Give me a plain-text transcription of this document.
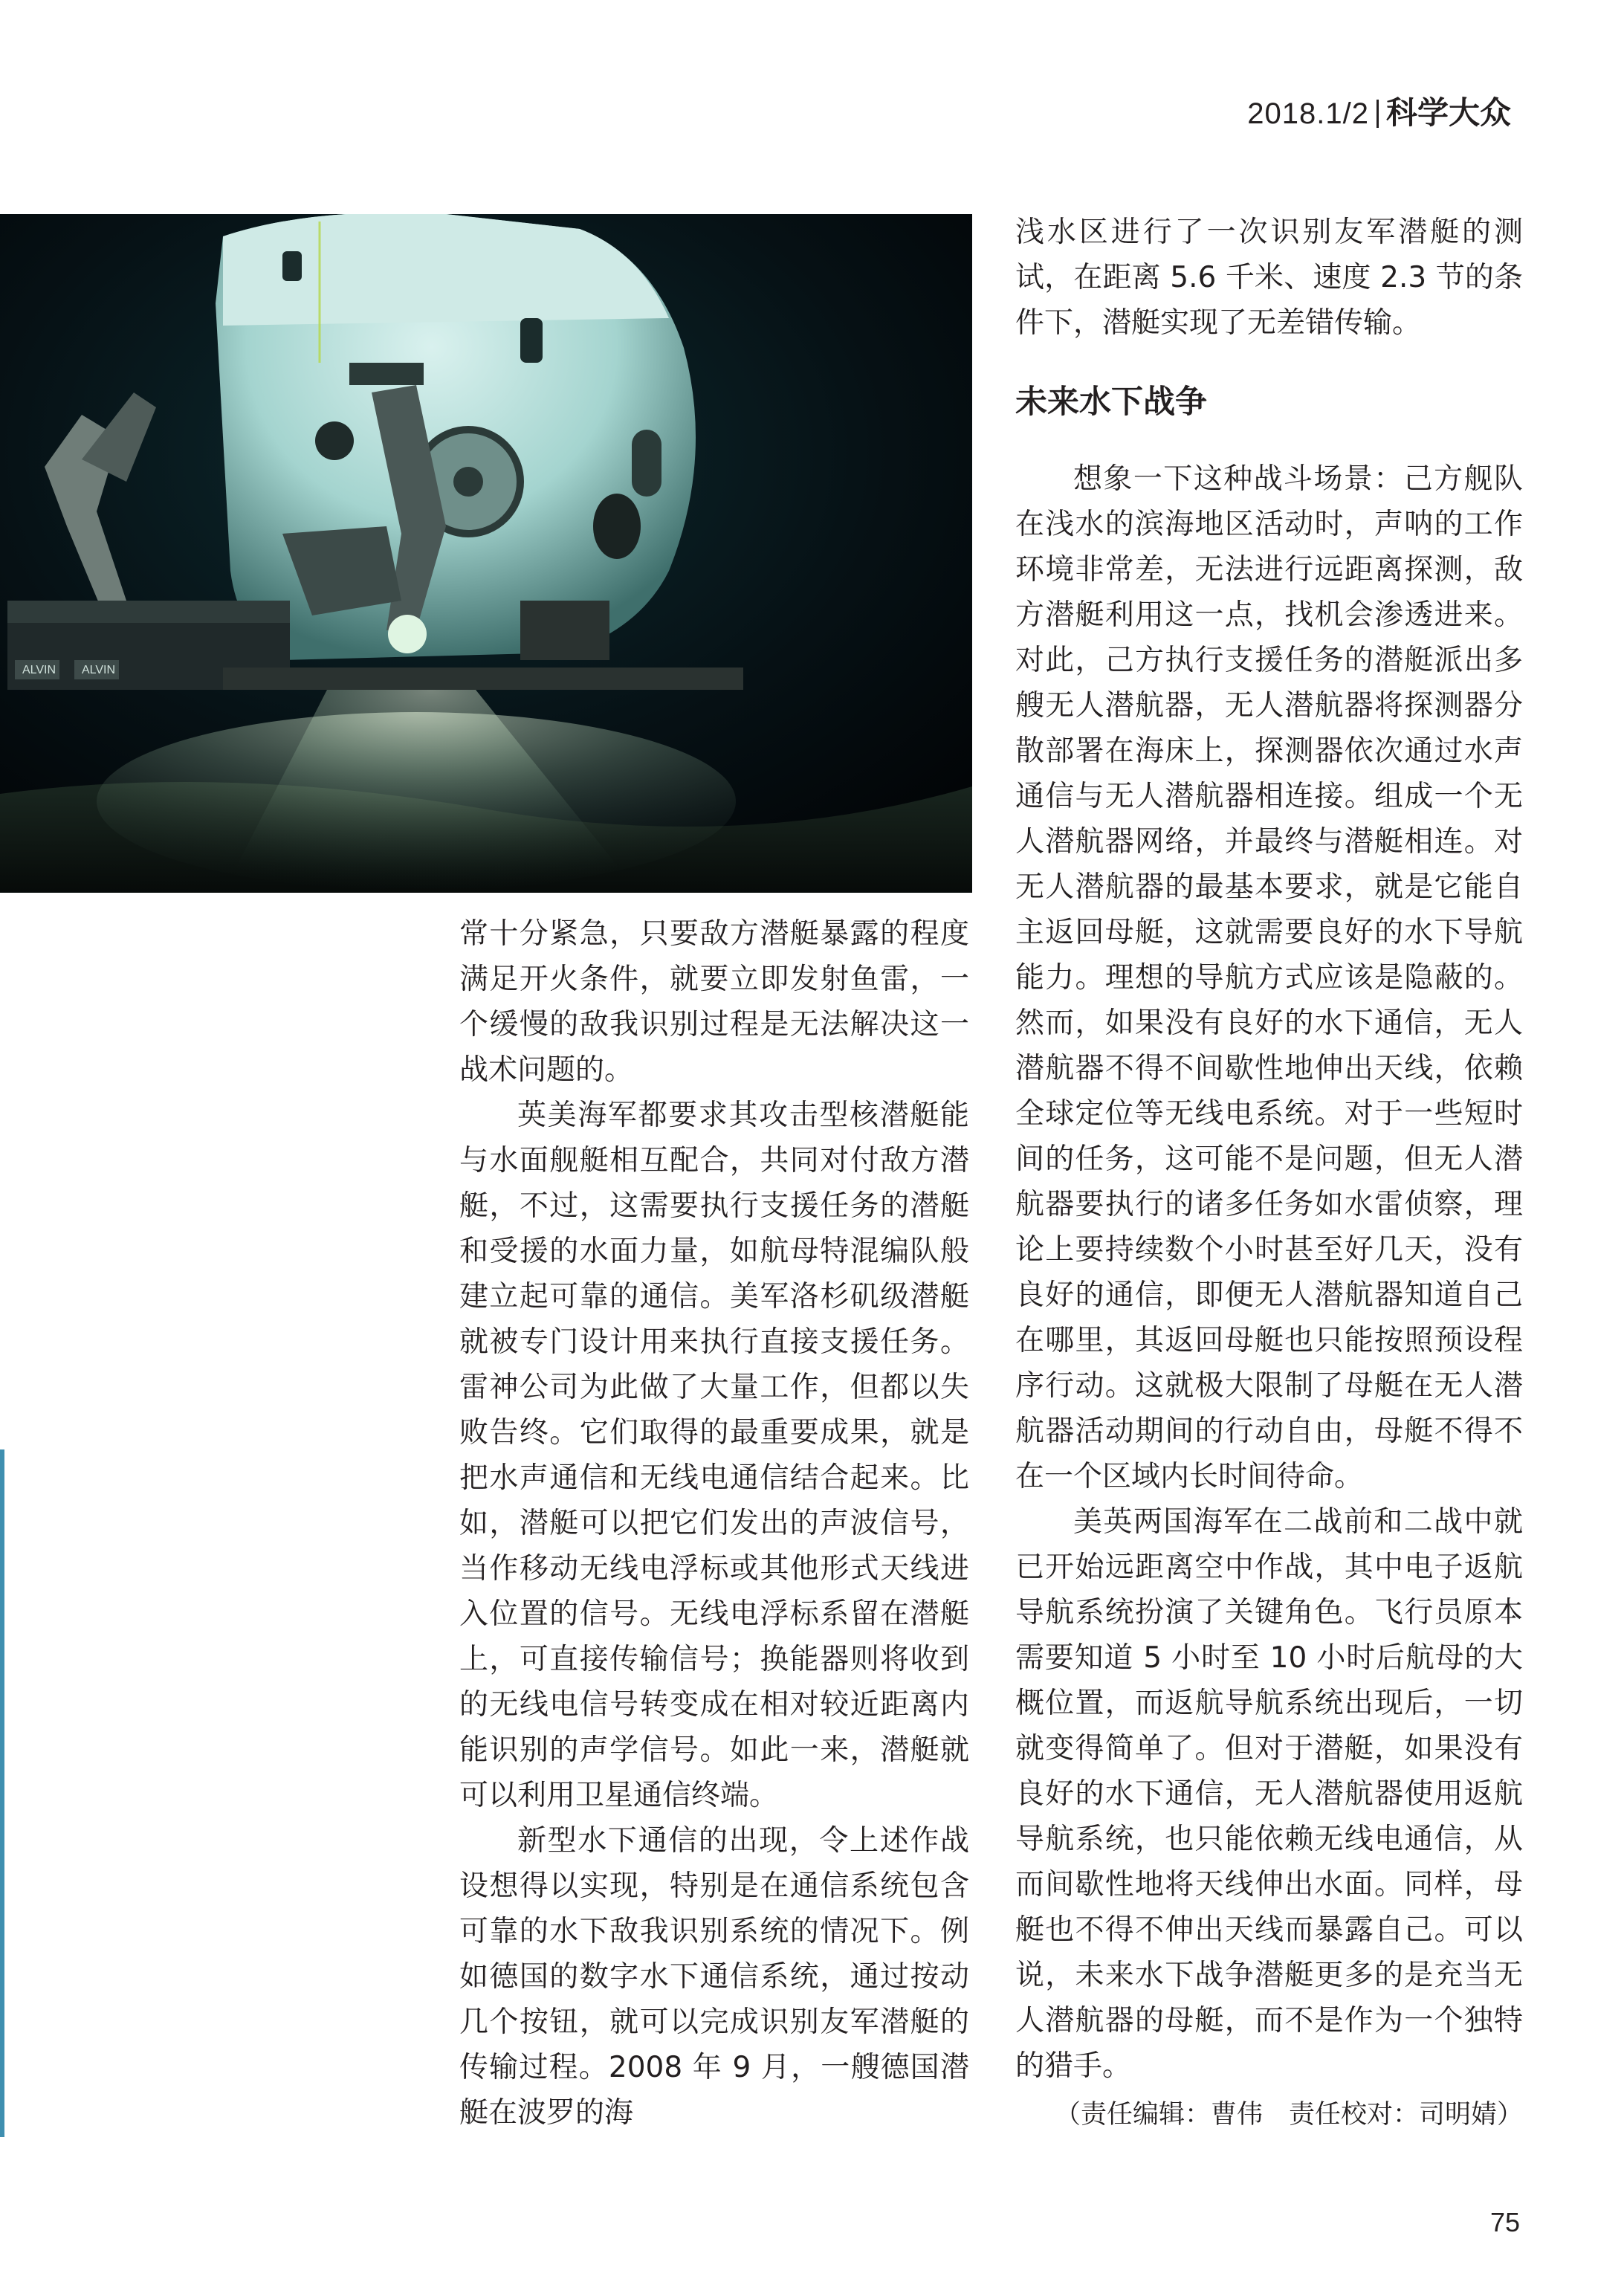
2018.1/2 科学大众
ALVIN ALVIN

常十分紧急，只要敌方潜艇暴露的程度满足开火条件，就要立即发射鱼雷，一个缓慢的敌我识别过程是无法解决这一战术问题的。

英美海军都要求其攻击型核潜艇能与水面舰艇相互配合，共同对付敌方潜艇，不过，这需要执行支援任务的潜艇和受援的水面力量，如航母特混编队般建立起可靠的通信。美军洛杉矶级潜艇就被专门设计用来执行直接支援任务。雷神公司为此做了大量工作，但都以失败告终。它们取得的最重要成果，就是把水声通信和无线电通信结合起来。比如，潜艇可以把它们发出的声波信号，当作移动无线电浮标或其他形式天线进入位置的信号。无线电浮标系留在潜艇上，可直接传输信号；换能器则将收到的无线电信号转变成在相对较近距离内能识别的声学信号。如此一来，潜艇就可以利用卫星通信终端。

新型水下通信的出现，令上述作战设想得以实现，特别是在通信系统包含可靠的水下敌我识别系统的情况下。例如德国的数字水下通信系统，通过按动几个按钮，就可以完成识别友军潜艇的传输过程。2008 年 9 月，一艘德国潜艇在波罗的海

浅水区进行了一次识别友军潜艇的测试，在距离 5.6 千米、速度 2.3 节的条件下，潜艇实现了无差错传输。

未来水下战争

想象一下这种战斗场景：己方舰队在浅水的滨海地区活动时，声呐的工作环境非常差，无法进行远距离探测，敌方潜艇利用这一点，找机会渗透进来。对此，己方执行支援任务的潜艇派出多艘无人潜航器，无人潜航器将探测器分散部署在海床上，探测器依次通过水声通信与无人潜航器相连接。组成一个无人潜航器网络，并最终与潜艇相连。对无人潜航器的最基本要求，就是它能自主返回母艇，这就需要良好的水下导航能力。理想的导航方式应该是隐蔽的。然而，如果没有良好的水下通信，无人潜航器不得不间歇性地伸出天线，依赖全球定位等无线电系统。对于一些短时间的任务，这可能不是问题，但无人潜航器要执行的诸多任务如水雷侦察，理论上要持续数个小时甚至好几天，没有良好的通信，即便无人潜航器知道自己在哪里，其返回母艇也只能按照预设程序行动。这就极大限制了母艇在无人潜航器活动期间的行动自由，母艇不得不在一个区域内长时间待命。

美英两国海军在二战前和二战中就已开始远距离空中作战，其中电子返航导航系统扮演了关键角色。飞行员原本需要知道 5 小时至 10 小时后航母的大概位置，而返航导航系统出现后，一切就变得简单了。但对于潜艇，如果没有良好的水下通信，无人潜航器使用返航导航系统，也只能依赖无线电通信，从而间歇性地将天线伸出水面。同样，母艇也不得不伸出天线而暴露自己。可以说，未来水下战争潜艇更多的是充当无人潜航器的母艇，而不是作为一个独特的猎手。

（责任编辑：曹伟　责任校对：司明婧）
75
